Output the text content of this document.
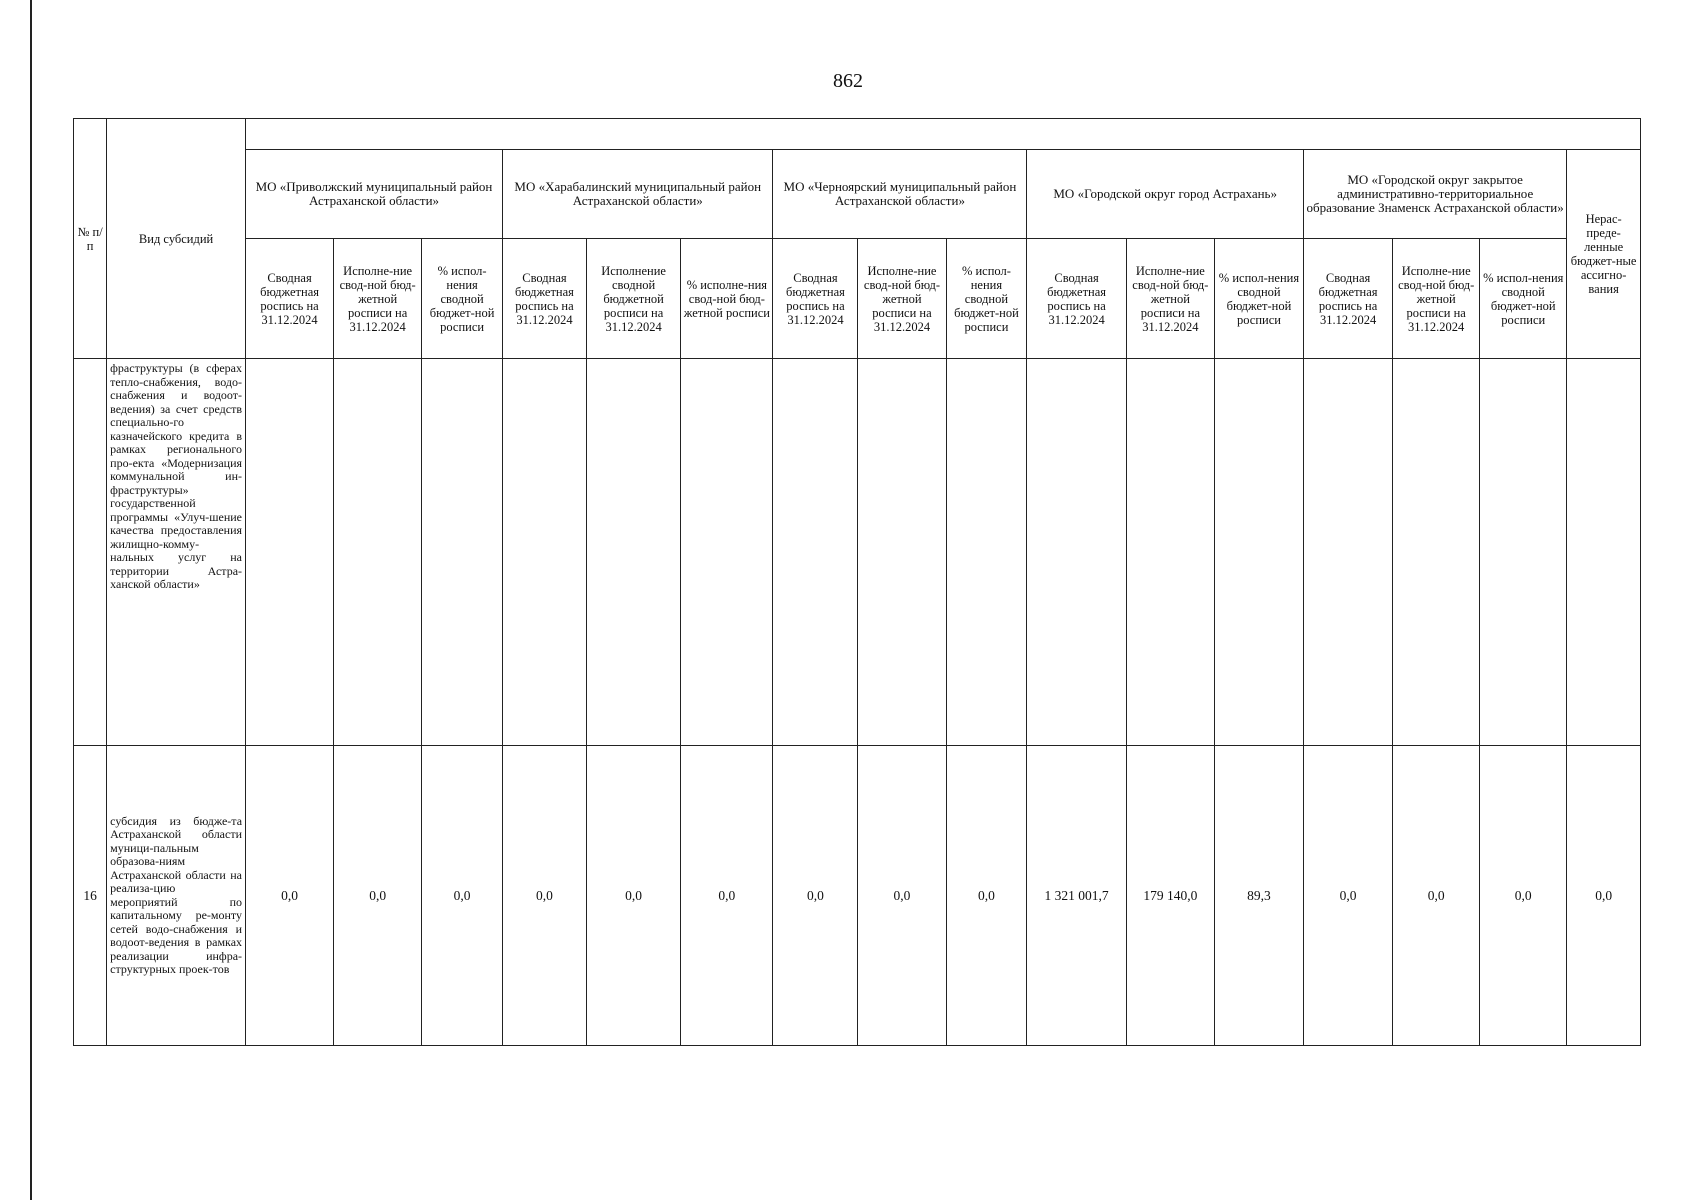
862
№ п/п	Вид субсидий																
		МО «Приволжский муниципальный район Астраханской области»			МО «Харабалинский муниципальный район Астраханской области»			МО «Черноярский муниципальный район Астраханской области»			МО «Городской округ город Астрахань»			МО «Городской округ закрытое административно-территориальное образование Знаменск Астраханской области»			Нерас-преде-ленные бюджет-ные ассигно-вания
		Сводная бюджетная роспись на 31.12.2024	Исполне-ние свод-ной бюд-жетной росписи на 31.12.2024	% испол-нения сводной бюджет-ной росписи	Сводная бюджетная роспись на 31.12.2024	Исполнение сводной бюджетной росписи на 31.12.2024	% исполне-ния свод-ной бюд-жетной росписи	Сводная бюджетная роспись на 31.12.2024	Исполне-ние свод-ной бюд-жетной росписи на 31.12.2024	% испол-нения сводной бюджет-ной росписи	Сводная бюджетная роспись на 31.12.2024	Исполне-ние свод-ной бюд-жетной росписи на 31.12.2024	% испол-нения сводной бюджет-ной росписи	Сводная бюджетная роспись на 31.12.2024	Исполне-ние свод-ной бюд-жетной росписи на 31.12.2024	% испол-нения сводной бюджет-ной росписи	
	фраструктуры (в сферах тепло-снабжения, водо-снабжения и водоот-ведения) за счет средств специально-го казначейского кредита в рамках регионального про-екта «Модернизация коммунальной ин-фраструктуры» государственной программы «Улуч-шение качества предоставления жилищно-комму-нальных услуг на территории Астра-ханской области»																
16	субсидия из бюдже-та Астраханской области муници-пальным образова-ниям Астраханской области на реализа-цию мероприятий по капитальному ре-монту сетей водо-снабжения и водоот-ведения в рамках реализации инфра-структурных проек-тов	0,0	0,0	0,0	0,0	0,0	0,0	0,0	0,0	0,0	1 321 001,7	179 140,0	89,3	0,0	0,0	0,0	0,0
